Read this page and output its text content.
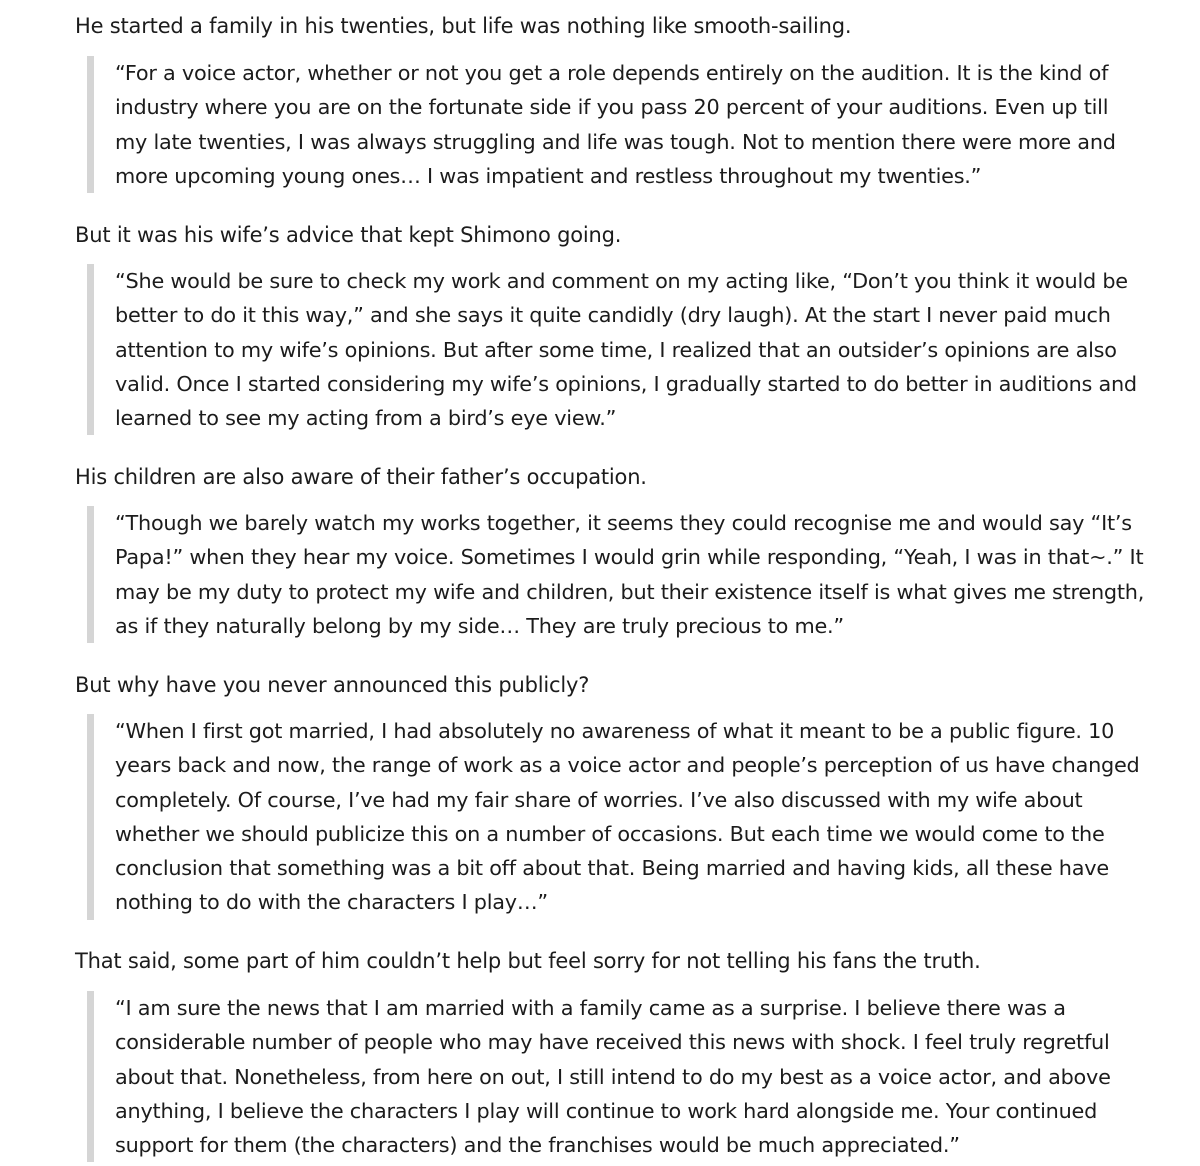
He started a family in his twenties, but life was nothing like smooth-sailing.

“For a voice actor, whether or not you get a role depends entirely on the audition. It is the kind of
industry where you are on the fortunate side if you pass 20 percent of your auditions. Even up till
my late twenties, I was always struggling and life was tough. Not to mention there were more and
more upcoming young ones… I was impatient and restless throughout my twenties.”

But it was his wife’s advice that kept Shimono going.

“She would be sure to check my work and comment on my acting like, “Don’t you think it would be
better to do it this way,” and she says it quite candidly (dry laugh). At the start I never paid much
attention to my wife’s opinions. But after some time, I realized that an outsider’s opinions are also
valid. Once I started considering my wife’s opinions, I gradually started to do better in auditions and
learned to see my acting from a bird’s eye view.”

His children are also aware of their father’s occupation.

“Though we barely watch my works together, it seems they could recognise me and would say “It’s
Papa!” when they hear my voice. Sometimes I would grin while responding, “Yeah, I was in that~.” It
may be my duty to protect my wife and children, but their existence itself is what gives me strength,
as if they naturally belong by my side… They are truly precious to me.”

But why have you never announced this publicly?

“When I first got married, I had absolutely no awareness of what it meant to be a public figure. 10
years back and now, the range of work as a voice actor and people’s perception of us have changed
completely. Of course, I’ve had my fair share of worries. I’ve also discussed with my wife about
whether we should publicize this on a number of occasions. But each time we would come to the
conclusion that something was a bit off about that. Being married and having kids, all these have
nothing to do with the characters I play…”

That said, some part of him couldn’t help but feel sorry for not telling his fans the truth.

“I am sure the news that I am married with a family came as a surprise. I believe there was a
considerable number of people who may have received this news with shock. I feel truly regretful
about that. Nonetheless, from here on out, I still intend to do my best as a voice actor, and above
anything, I believe the characters I play will continue to work hard alongside me. Your continued
support for them (the characters) and the franchises would be much appreciated.”
